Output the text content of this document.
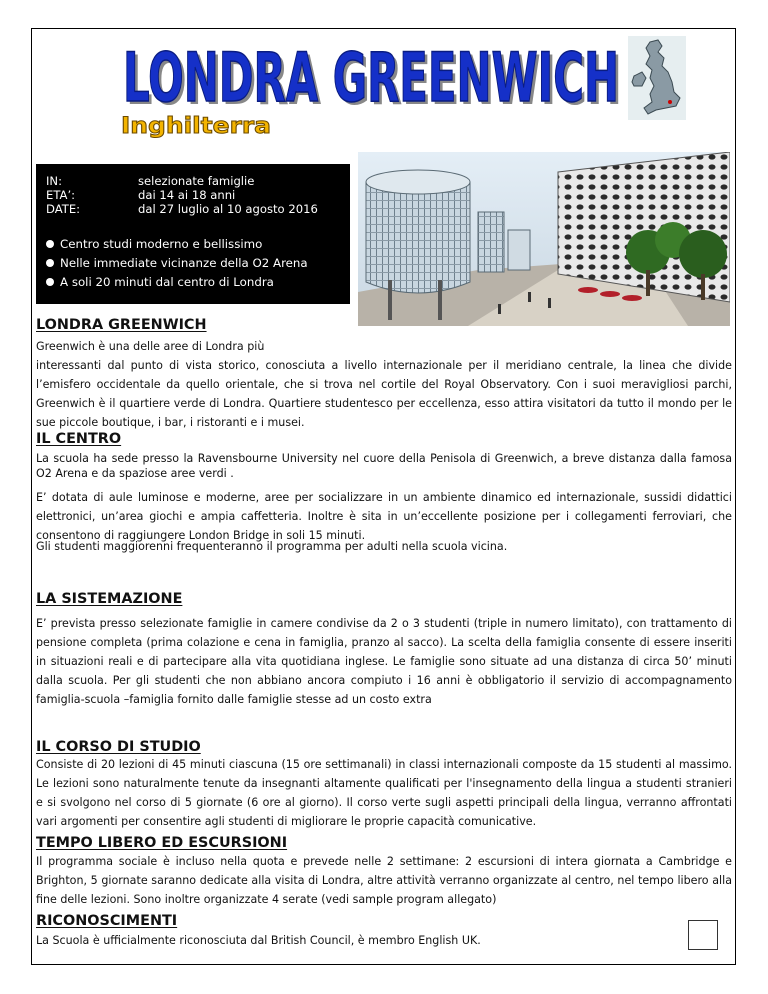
LONDRA GREENWICH
LONDRA GREENWICH
Inghilterra
IN:	selezionate famiglie
ETA’:	dai 14 ai 18 anni
DATE:	dal 27 luglio al 10 agosto 2016
Centro studi moderno e bellissimo
Nelle immediate vicinanze della O2 Arena
A soli 20 minuti dal centro di Londra
LONDRA GREENWICH
Greenwich è una delle aree di Londra più
interessanti dal punto di vista storico, conosciuta a livello internazionale per il meridiano centrale, la linea che divide l’emisfero occidentale da quello orientale, che si trova nel cortile del Royal Observatory. Con i suoi meravigliosi parchi, Greenwich è il quartiere verde di Londra. Quartiere studentesco per eccellenza, esso attira visitatori da tutto il mondo per le sue piccole boutique, i bar, i ristoranti e i musei.
IL CENTRO
La scuola ha sede presso la Ravensbourne University nel cuore della Penisola di Greenwich, a breve distanza dalla famosa O2 Arena e da spaziose aree verdi .
E’ dotata di aule luminose e moderne, aree per socializzare in un ambiente dinamico ed internazionale, sussidi didattici elettronici, un’area giochi e ampia caffetteria. Inoltre è sita in un’eccellente posizione per i collegamenti ferroviari, che consentono di raggiungere London Bridge in soli 15 minuti.
Gli studenti maggiorenni frequenteranno il programma per adulti nella scuola vicina.
LA SISTEMAZIONE
E’ prevista presso selezionate famiglie in camere condivise da 2 o 3 studenti (triple in numero limitato), con trattamento di pensione completa (prima colazione e cena in famiglia, pranzo al sacco). La scelta della famiglia consente di essere inseriti in situazioni reali e di partecipare alla vita quotidiana inglese. Le famiglie sono situate ad una distanza di circa 50’ minuti dalla scuola. Per gli studenti che non abbiano ancora compiuto i 16 anni è obbligatorio il servizio di accompagnamento famiglia-scuola –famiglia fornito dalle famiglie stesse ad un costo extra
IL CORSO DI STUDIO
Consiste di 20 lezioni di 45 minuti ciascuna (15 ore settimanali) in classi internazionali composte da 15 studenti al massimo. Le lezioni sono naturalmente tenute da insegnanti altamente qualificati per l'insegnamento della lingua a studenti stranieri e si svolgono nel corso di 5 giornate (6 ore al giorno). Il corso verte sugli aspetti principali della lingua, verranno affrontati vari argomenti per consentire agli studenti di migliorare le proprie capacità comunicative.
TEMPO LIBERO ED ESCURSIONI
Il programma sociale è incluso nella quota e prevede nelle 2 settimane: 2 escursioni di intera giornata a Cambridge e Brighton, 5 giornate saranno dedicate alla visita di Londra, altre attività verranno organizzate al centro, nel tempo libero alla fine delle lezioni. Sono inoltre organizzate 4 serate (vedi sample program allegato)
RICONOSCIMENTI
La Scuola è ufficialmente riconosciuta dal British Council, è membro English UK.
